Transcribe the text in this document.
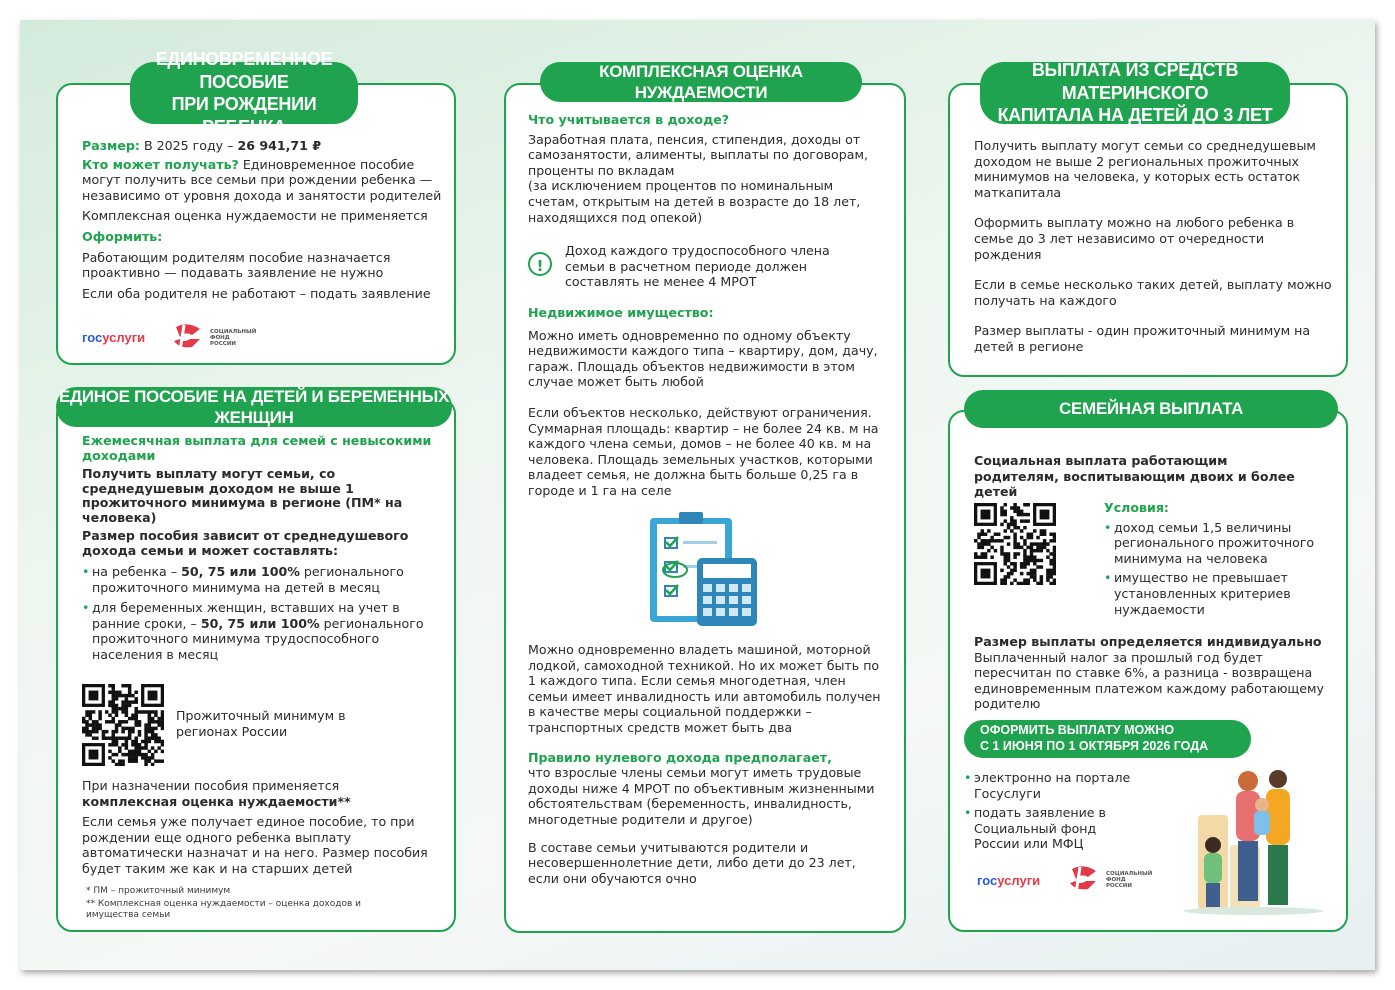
ЕДИНОВРЕМЕННОЕ ПОСОБИЕ
ПРИ РОЖДЕНИИ РЕБЕНКА

Размер: В 2025 году – 26 941,71 ₽

Кто может получать? Единовременное пособие могут получить все семьи при рождении ребенка — независимо от уровня дохода и занятости родителей

Комплексная оценка нуждаемости не применяется

Оформить:

Работающим родителям пособие назначается проактивно — подавать заявление не нужно

Если оба родителя не работают – подать заявление

госуслуги	СОЦИАЛЬНЫЙ ФОНД РОССИИ
ЕДИНОЕ ПОСОБИЕ НА ДЕТЕЙ И БЕРЕМЕННЫХ ЖЕНЩИН

Ежемесячная выплата для семей с невысокими доходами

Получить выплату могут семьи, со среднедушевым доходом не выше 1 прожиточного минимума в регионе (ПМ* на человека)

Размер пособия зависит от среднедушевого дохода семьи и может составлять:

• на ребенка – 50, 75 или 100% регионального прожиточного минимума на детей в месяц

• для беременных женщин, вставших на учет в ранние сроки, – 50, 75 или 100% регионального прожиточного минимума трудоспособного населения в месяц

Прожиточный минимум в регионах России

При назначении пособия применяется комплексная оценка нуждаемости**

Если семья уже получает единое пособие, то при рождении еще одного ребенка выплату автоматически назначат и на него. Размер пособия будет таким же как и на старших детей

* ПМ – прожиточный минимум
** Комплексная оценка нуждаемости – оценка доходов и имущества семьи
КОМПЛЕКСНАЯ ОЦЕНКА НУЖДАЕМОСТИ

Что учитывается в доходе?

Заработная плата, пенсия, стипендия, доходы от самозанятости, алименты, выплаты по договорам, проценты по вкладам

(за исключением процентов по номинальным счетам, открытым на детей в возрасте до 18 лет, находящихся под опекой)

!
Доход каждого трудоспособного члена семьи в расчетном периоде должен составлять не менее 4 МРОТ

Недвижимое имущество:

Можно иметь одновременно по одному объекту недвижимости каждого типа – квартиру, дом, дачу, гараж. Площадь объектов недвижимости в этом случае может быть любой

Если объектов несколько, действуют ограничения. Суммарная площадь: квартир – не более 24 кв. м на каждого члена семьи, домов – не более 40 кв. м на человека. Площадь земельных участков, которыми владеет семья, не должна быть больше 0,25 га в городе и 1 га на селе

Можно одновременно владеть машиной, моторной лодкой, самоходной техникой. Но их может быть по 1 каждого типа. Если семья многодетная, член семьи имеет инвалидность или автомобиль получен в качестве меры социальной поддержки – транспортных средств может быть два

Правило нулевого дохода предполагает,

что взрослые члены семьи могут иметь трудовые доходы ниже 4 МРОТ по объективным жизненными обстоятельствам (беременность, инвалидность, многодетные родители и другое)

В составе семьи учитываются родители и несовершеннолетние дети, либо дети до 23 лет, если они обучаются очно

ВЫПЛАТА ИЗ СРЕДСТВ МАТЕРИНСКОГО
КАПИТАЛА НА ДЕТЕЙ ДО 3 ЛЕТ

Получить выплату могут семьи со среднедушевым доходом не выше 2 региональных прожиточных минимумов на человека, у которых есть остаток маткапитала

Оформить выплату можно на любого ребенка в семье до 3 лет независимо от очередности рождения

Если в семье несколько таких детей, выплату можно получать на каждого

Размер выплаты - один прожиточный минимум на детей в регионе

СЕМЕЙНАЯ ВЫПЛАТА
Социальная выплата работающим родителям, воспитывающим двоих и более детей

Условия:

• доход семьи 1,5 величины регионального прожиточного минимума на человека

• имущество не превышает установленных критериев нуждаемости

Размер выплаты определяется индивидуально

Выплаченный налог за прошлый год будет пересчитан по ставке 6%, а разница - возвращена единовременным платежом каждому работающему родителю

ОФОРМИТЬ ВЫПЛАТУ МОЖНО
С 1 ИЮНЯ ПО 1 ОКТЯБРЯ 2026 ГОДА

• электронно на портале Госуслуги

• подать заявление в Социальный фонд России или МФЦ

госуслуги	СОЦИАЛЬНЫЙ ФОНД РОССИИ
